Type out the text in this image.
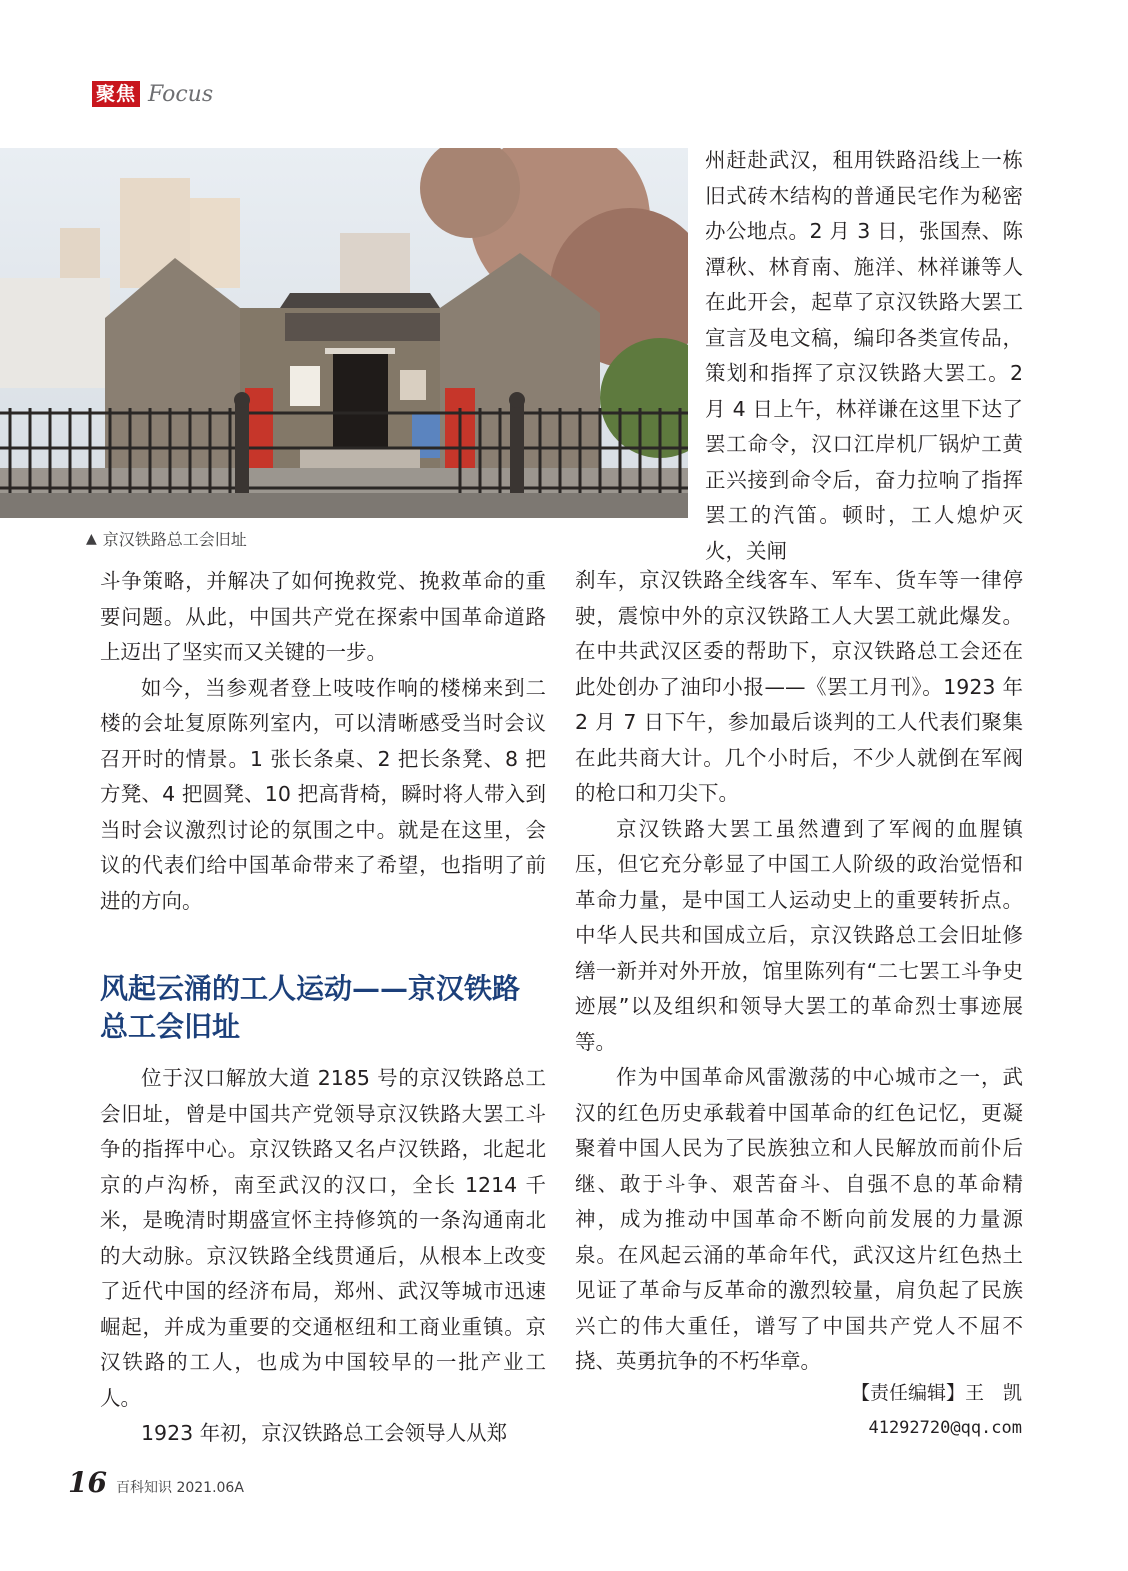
聚焦 Focus
▲ 京汉铁路总工会旧址

斗争策略，并解决了如何挽救党、挽救革命的重要问题。从此，中国共产党在探索中国革命道路上迈出了坚实而又关键的一步。

如今，当参观者登上吱吱作响的楼梯来到二楼的会址复原陈列室内，可以清晰感受当时会议召开时的情景。1 张长条桌、2 把长条凳、8 把方凳、4 把圆凳、10 把高背椅，瞬时将人带入到当时会议激烈讨论的氛围之中。就是在这里，会议的代表们给中国革命带来了希望，也指明了前进的方向。

风起云涌的工人运动——京汉铁路总工会旧址

位于汉口解放大道 2185 号的京汉铁路总工会旧址，曾是中国共产党领导京汉铁路大罢工斗争的指挥中心。京汉铁路又名卢汉铁路，北起北京的卢沟桥，南至武汉的汉口，全长 1214 千米，是晚清时期盛宣怀主持修筑的一条沟通南北的大动脉。京汉铁路全线贯通后，从根本上改变了近代中国的经济布局，郑州、武汉等城市迅速崛起，并成为重要的交通枢纽和工商业重镇。京汉铁路的工人，也成为中国较早的一批产业工人。

1923 年初，京汉铁路总工会领导人从郑

州赶赴武汉，租用铁路沿线上一栋旧式砖木结构的普通民宅作为秘密办公地点。2 月 3 日，张国焘、陈潭秋、林育南、施洋、林祥谦等人在此开会，起草了京汉铁路大罢工宣言及电文稿，编印各类宣传品，策划和指挥了京汉铁路大罢工。2 月 4 日上午，林祥谦在这里下达了罢工命令，汉口江岸机厂锅炉工黄正兴接到命令后，奋力拉响了指挥罢工的汽笛。顿时，工人熄炉灭火，关闸

刹车，京汉铁路全线客车、军车、货车等一律停驶，震惊中外的京汉铁路工人大罢工就此爆发。在中共武汉区委的帮助下，京汉铁路总工会还在此处创办了油印小报——《罢工月刊》。1923 年 2 月 7 日下午，参加最后谈判的工人代表们聚集在此共商大计。几个小时后，不少人就倒在军阀的枪口和刀尖下。

京汉铁路大罢工虽然遭到了军阀的血腥镇压，但它充分彰显了中国工人阶级的政治觉悟和革命力量，是中国工人运动史上的重要转折点。中华人民共和国成立后，京汉铁路总工会旧址修缮一新并对外开放，馆里陈列有“二七罢工斗争史迹展”以及组织和领导大罢工的革命烈士事迹展等。

作为中国革命风雷激荡的中心城市之一，武汉的红色历史承载着中国革命的红色记忆，更凝聚着中国人民为了民族独立和人民解放而前仆后继、敢于斗争、艰苦奋斗、自强不息的革命精神，成为推动中国革命不断向前发展的力量源泉。在风起云涌的革命年代，武汉这片红色热土见证了革命与反革命的激烈较量，肩负起了民族兴亡的伟大重任，谱写了中国共产党人不屈不挠、英勇抗争的不朽华章。

【责任编辑】王　凯
41292720@qq.com
16 百科知识 2021.06A
